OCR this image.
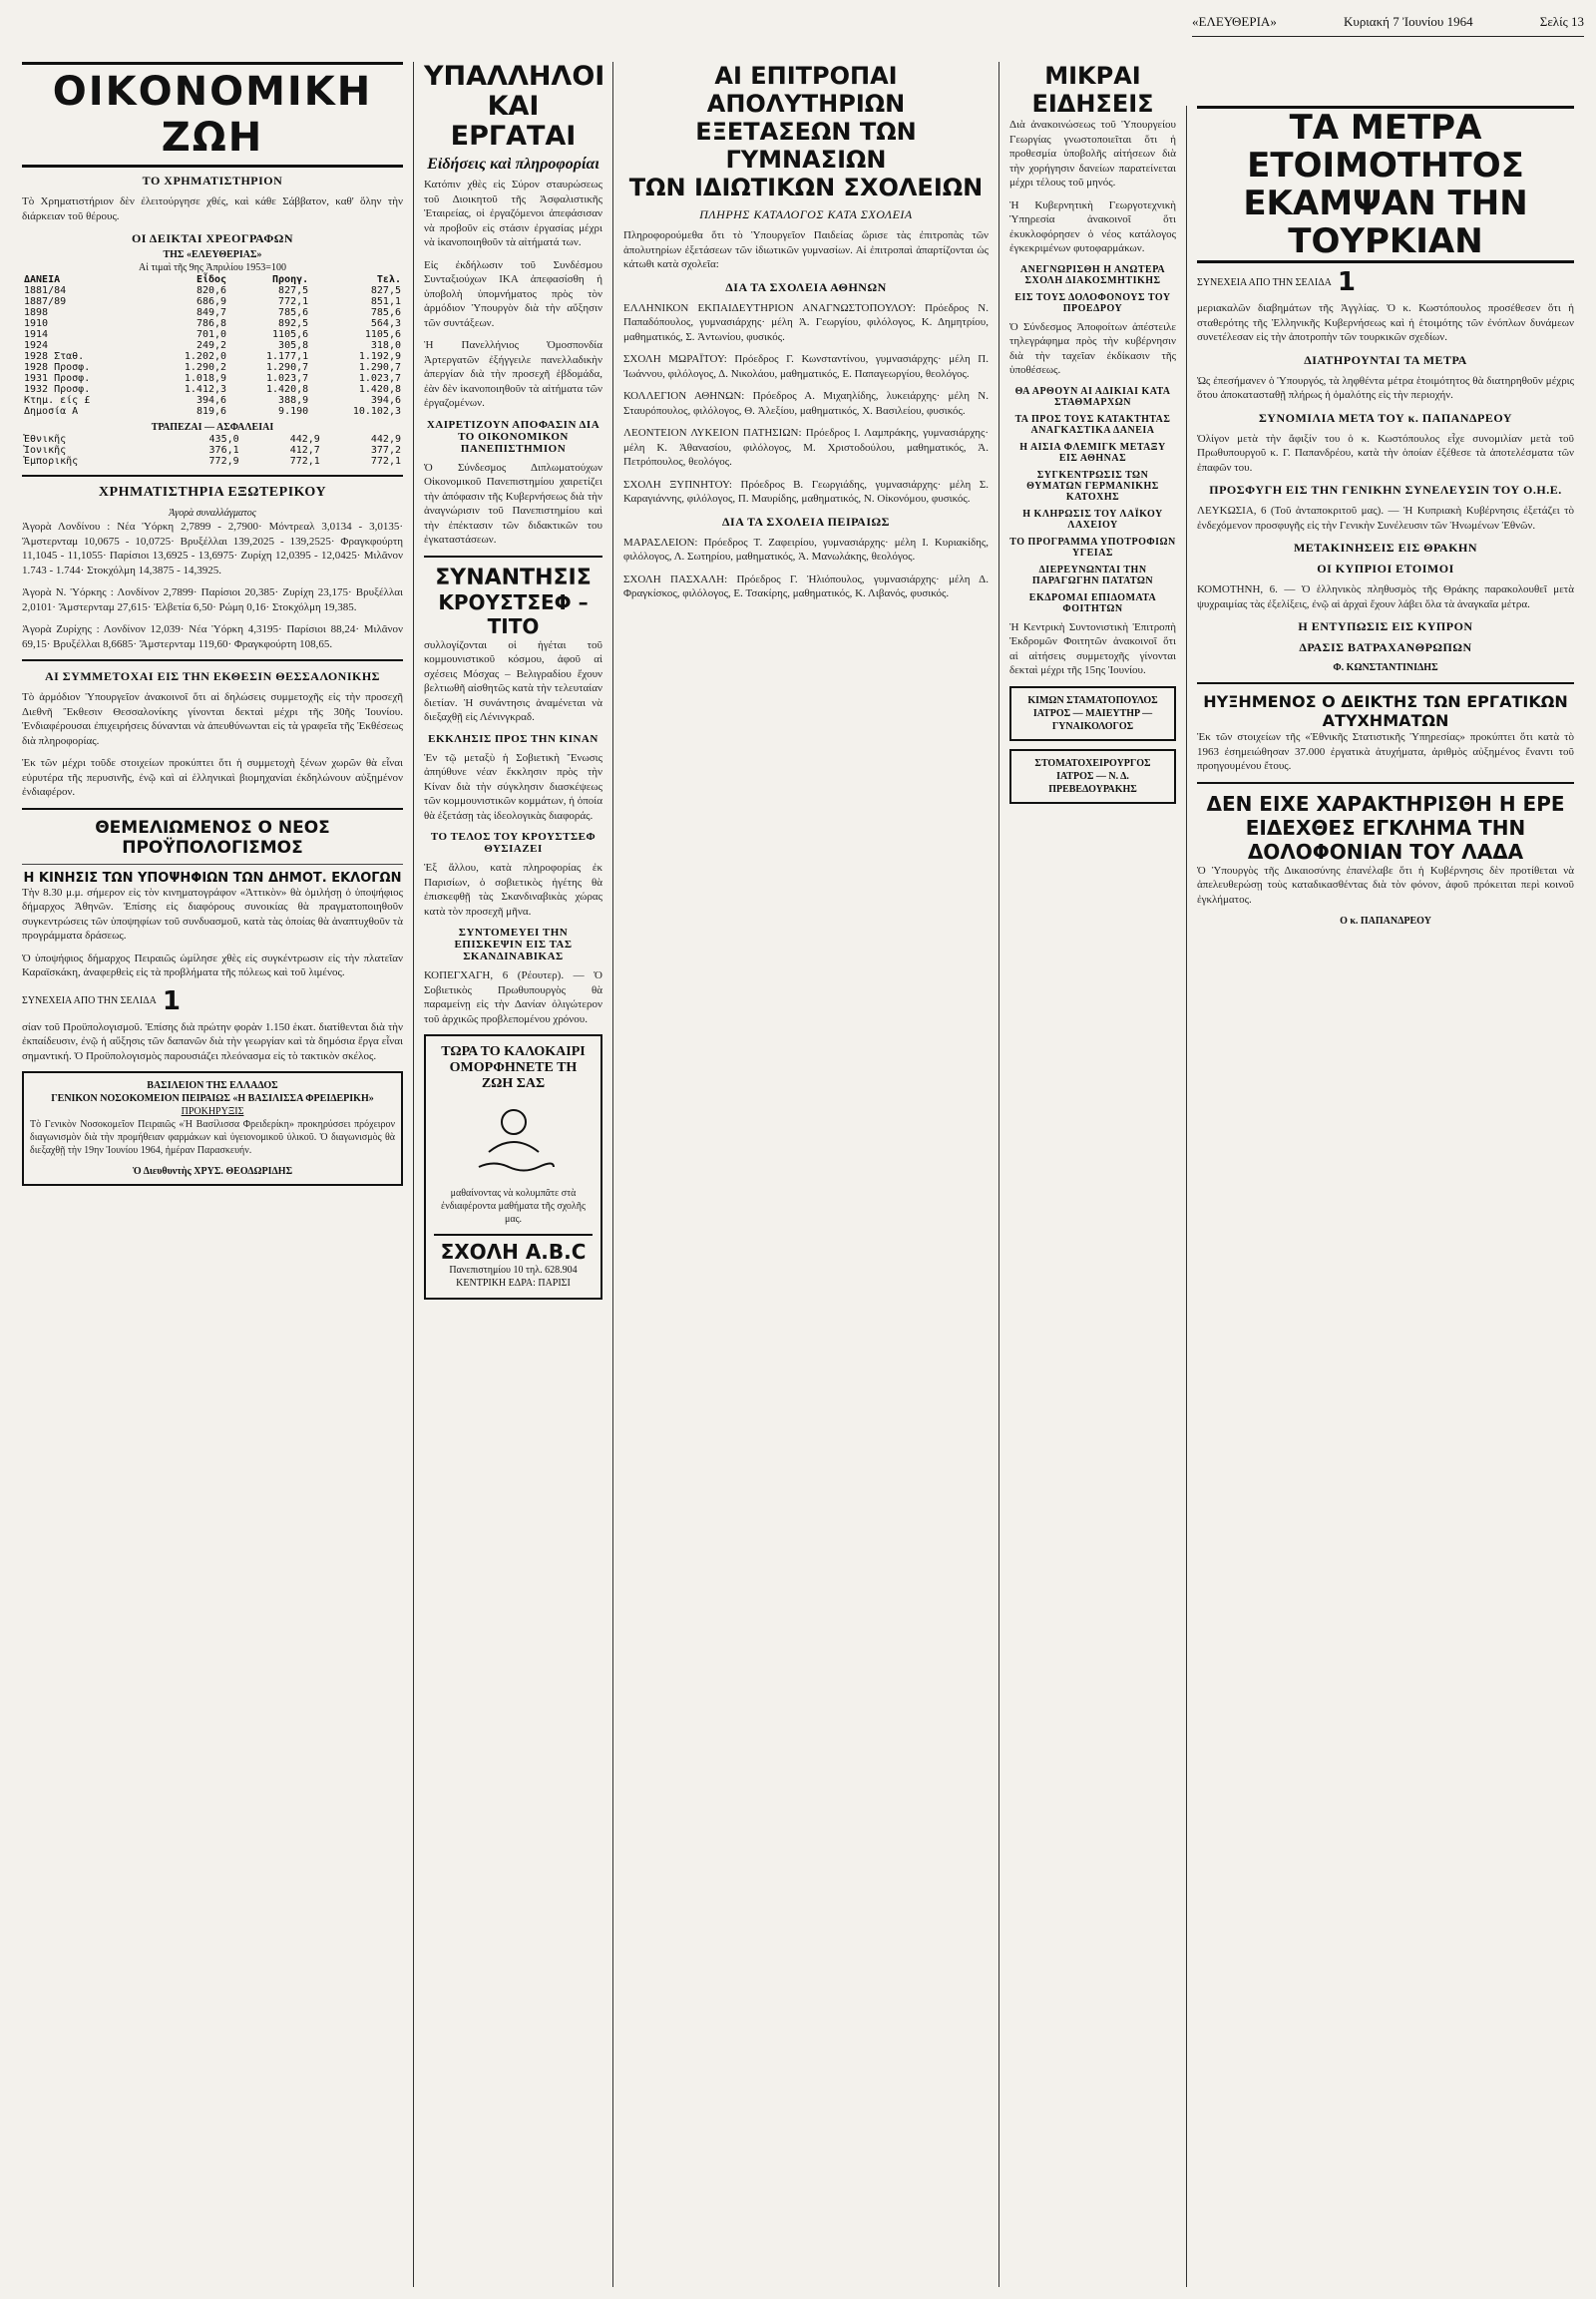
«ΕΛΕΥΘΕΡΙΑ»	Κυριακή 7 Ἰουνίου 1964	Σελίς 13
ΟΙΚΟΝΟΜΙΚΗ ΖΩΗ
ΤΟ ΧΡΗΜΑΤΙΣΤΗΡΙΟΝ

Τὸ Χρηματιστήριον δὲν ἐλειτούργησε χθές, καὶ κάθε Σάββατον, καθ' ὅλην τὴν διάρκειαν τοῦ θέρους.

ΟΙ ΔΕΙΚΤΑΙ ΧΡΕΟΓΡΑΦΩΝ
ΤΗΣ «ΕΛΕΥΘΕΡΙΑΣ»
Αἱ τιμαὶ τῆς 9ης Ἀπριλίου 1953=100
ΔΑΝΕΙΑ	Εἶδος	Προηγ.	Τελ.
1881/84	820,6	827,5	827,5
1887/89	686,9	772,1	851,1
1898	849,7	785,6	785,6
1910	786,8	892,5	564,3
1914	701,0	1105,6	1105,6
1924	249,2	305,8	318,0
1928 Σταθ.	1.202,0	1.177,1	1.192,9
1928 Προσφ.	1.290,2	1.290,7	1.290,7
1931 Προσφ.	1.018,9	1.023,7	1.023,7
1932 Προσφ.	1.412,3	1.420,8	1.420,8
Κτημ. είς £	394,6	388,9	394,6
Δημοσία Α	819,6	9.190	10.102,3
ΤΡΑΠΕΖΑΙ — ΑΣΦΑΛΕΙΑΙ
Ἐθνικῆς	435,0	442,9	442,9
Ἰονικῆς	376,1	412,7	377,2
Ἐμπορικῆς	772,9	772,1	772,1
ΧΡΗΜΑΤΙΣΤΗΡΙΑ ΕΞΩΤΕΡΙΚΟΥ
Ἀγορὰ συναλλάγματος

Ἀγορὰ Λονδίνου : Νέα Ὑόρκη 2,7899 - 2,7900· Μόντρεαλ 3,0134 - 3,0135· Ἄμστερνταμ 10,0675 - 10,0725· Βρυξέλλαι 139,2025 - 139,2525· Φραγκφούρτη 11,1045 - 11,1055· Παρίσιοι 13,6925 - 13,6975· Ζυρίχη 12,0395 - 12,0425· Μιλᾶνον 1.743 - 1.744· Στοκχόλμη 14,3875 - 14,3925.

Ἀγορὰ Ν. Ὑόρκης : Λονδίνον 2,7899· Παρίσιοι 20,385· Ζυρίχη 23,175· Βρυξέλλαι 2,0101· Ἄμστερνταμ 27,615· Ἐλβετία 6,50· Ρώμη 0,16· Στοκχόλμη 19,385.

Ἀγορὰ Ζυρίχης : Λονδίνον 12,039· Νέα Ὑόρκη 4,3195· Παρίσιοι 88,24· Μιλᾶνον 69,15· Βρυξέλλαι 8,6685· Ἄμστερνταμ 119,60· Φραγκφούρτη 108,65.

ΑΙ ΣΥΜΜΕΤΟΧΑΙ ΕΙΣ ΤΗΝ ΕΚΘΕΣΙΝ ΘΕΣΣΑΛΟΝΙΚΗΣ

Τὸ ἀρμόδιον Ὑπουργεῖον ἀνακοινοῖ ὅτι αἱ δηλώσεις συμμετοχῆς εἰς τὴν προσεχῆ Διεθνῆ Ἔκθεσιν Θεσσαλονίκης γίνονται δεκταὶ μέχρι τῆς 30ῆς Ἰουνίου. Ἐνδιαφέρουσαι ἐπιχειρήσεις δύνανται νὰ ἀπευθύνωνται εἰς τὰ γραφεῖα τῆς Ἐκθέσεως διὰ πληροφορίας.

Ἐκ τῶν μέχρι τοῦδε στοιχείων προκύπτει ὅτι ἡ συμμετοχὴ ξένων χωρῶν θὰ εἶναι εὐρυτέρα τῆς περυσινῆς, ἐνῷ καὶ αἱ ἑλληνικαὶ βιομηχανίαι ἐκδηλώνουν αὐξημένον ἐνδιαφέρον.

ΘΕΜΕΛΙΩΜΕΝΟΣ Ο ΝΕΟΣ ΠΡΟΫΠΟΛΟΓΙΣΜΟΣ
Η ΚΙΝΗΣΙΣ ΤΩΝ ΥΠΟΨΗΦΙΩΝ ΤΩΝ ΔΗΜΟΤ. ΕΚΛΟΓΩΝ

Τὴν 8.30 μ.μ. σήμερον εἰς τὸν κινηματογράφον «Ἀττικὸν» θὰ ὁμιλήσῃ ὁ ὑποψήφιος δήμαρχος Ἀθηνῶν. Ἐπίσης εἰς διαφόρους συνοικίας θὰ πραγματοποιηθοῦν συγκεντρώσεις τῶν ὑποψηφίων τοῦ συνδυασμοῦ, κατὰ τὰς ὁποίας θὰ ἀναπτυχθοῦν τὰ προγράμματα δράσεως.

Ὁ ὑποψήφιος δήμαρχος Πειραιῶς ὡμίλησε χθὲς εἰς συγκέντρωσιν εἰς τὴν πλατεῖαν Καραϊσκάκη, ἀναφερθεὶς εἰς τὰ προβλήματα τῆς πόλεως καὶ τοῦ λιμένος.

ΣΥΝΕΧΕΙΑ ΑΠΟ ΤΗΝ ΣΕΛΙΔΑ 1

σίαν τοῦ Προϋπολογισμοῦ. Ἐπίσης διὰ πρώτην φορὰν 1.150 ἑκατ. διατίθενται διὰ τὴν ἐκπαίδευσιν, ἐνῷ ἡ αὔξησις τῶν δαπανῶν διὰ τὴν γεωργίαν καὶ τὰ δημόσια ἔργα εἶναι σημαντική. Ὁ Προϋπολογισμὸς παρουσιάζει πλεόνασμα εἰς τὸ τακτικὸν σκέλος.

ΒΑΣΙΛΕΙΟΝ ΤΗΣ ΕΛΛΑΔΟΣ
ΓΕΝΙΚΟΝ ΝΟΣΟΚΟΜΕΙΟΝ ΠΕΙΡΑΙΩΣ «Η ΒΑΣΙΛΙΣΣΑ ΦΡΕΙΔΕΡΙΚΗ»
ΠΡΟΚΗΡΥΞΙΣ

Τὸ Γενικὸν Νοσοκομεῖον Πειραιῶς «Ἡ Βασίλισσα Φρειδερίκη» προκηρύσσει πρόχειρον διαγωνισμὸν διὰ τὴν προμήθειαν φαρμάκων καὶ ὑγειονομικοῦ ὑλικοῦ. Ὁ διαγωνισμὸς θὰ διεξαχθῇ τὴν 19ην Ἰουνίου 1964, ἡμέραν Παρασκευήν.

Ὁ Διευθυντὴς ΧΡΥΣ. ΘΕΟΔΩΡΙΔΗΣ
ΥΠΑΛΛΗΛΟΙ
ΚΑΙ ΕΡΓΑΤΑΙ
Εἰδήσεις καὶ πληροφορίαι

Κατόπιν χθὲς εἰς Σύρον σταυρώσεως τοῦ Διοικητοῦ τῆς Ἀσφαλιστικῆς Ἑταιρείας, οἱ ἐργαζόμενοι ἀπεφάσισαν νὰ προβοῦν εἰς στάσιν ἐργασίας μέχρι νὰ ἱκανοποιηθοῦν τὰ αἰτήματά των.

Εἰς ἐκδήλωσιν τοῦ Συνδέσμου Συνταξιούχων ΙΚΑ ἀπεφασίσθη ἡ ὑποβολὴ ὑπομνήματος πρὸς τὸν ἁρμόδιον Ὑπουργὸν διὰ τὴν αὔξησιν τῶν συντάξεων.

Ἡ Πανελλήνιος Ὁμοσπονδία Ἀρτεργατῶν ἐξήγγειλε πανελλαδικὴν ἀπεργίαν διὰ τὴν προσεχῆ ἑβδομάδα, ἐὰν δὲν ἱκανοποιηθοῦν τὰ αἰτήματα τῶν ἐργαζομένων.

ΧΑΙΡΕΤΙΖΟΥΝ ΑΠΟΦΑΣΙΝ ΔΙΑ ΤΟ ΟΙΚΟΝΟΜΙΚΟΝ ΠΑΝΕΠΙΣΤΗΜΙΟΝ

Ὁ Σύνδεσμος Διπλωματούχων Οἰκονομικοῦ Πανεπιστημίου χαιρετίζει τὴν ἀπόφασιν τῆς Κυβερνήσεως διὰ τὴν ἀναγνώρισιν τοῦ Πανεπιστημίου καὶ τὴν ἐπέκτασιν τῶν διδακτικῶν του ἐγκαταστάσεων.

ΣΥΝΑΝΤΗΣΙΣ
ΚΡΟΥΣΤΣΕΦ – ΤΙΤΟ

συλλογίζονται οἱ ἡγέται τοῦ κομμουνιστικοῦ κόσμου, ἀφοῦ αἱ σχέσεις Μόσχας – Βελιγραδίου ἔχουν βελτιωθῆ αἰσθητῶς κατὰ τὴν τελευταίαν διετίαν. Ἡ συνάντησις ἀναμένεται νὰ διεξαχθῇ εἰς Λένινγκραδ.

ΕΚΚΛΗΣΙΣ ΠΡΟΣ ΤΗΝ ΚΙΝΑΝ

Ἐν τῷ μεταξὺ ἡ Σοβιετικὴ Ἕνωσις ἀπηύθυνε νέαν ἔκκλησιν πρὸς τὴν Κίναν διὰ τὴν σύγκλησιν διασκέψεως τῶν κομμουνιστικῶν κομμάτων, ἡ ὁποία θὰ ἐξετάσῃ τὰς ἰδεολογικὰς διαφοράς.

ΤΟ ΤΕΛΟΣ ΤΟΥ ΚΡΟΥΣΤΣΕΦ ΘΥΣΙΑΖΕΙ

Ἐξ ἄλλου, κατὰ πληροφορίας ἐκ Παρισίων, ὁ σοβιετικὸς ἡγέτης θὰ ἐπισκεφθῇ τὰς Σκανδιναβικὰς χώρας κατὰ τὸν προσεχῆ μῆνα.

ΣΥΝΤΟΜΕΥΕΙ ΤΗΝ ΕΠΙΣΚΕΨΙΝ ΕΙΣ ΤΑΣ ΣΚΑΝΔΙΝΑΒΙΚΑΣ

ΚΟΠΕΓΧΑΓΗ, 6 (Ρέουτερ). — Ὁ Σοβιετικὸς Πρωθυπουργὸς θὰ παραμείνῃ εἰς τὴν Δανίαν ὀλιγώτερον τοῦ ἀρχικῶς προβλεπομένου χρόνου.

ΤΩΡΑ ΤΟ ΚΑΛΟΚΑΙΡΙ ΟΜΟΡΦΗΝΕΤΕ ΤΗ ΖΩΗ ΣΑΣ

μαθαίνοντας νὰ κολυμπᾶτε στὰ ἐνδιαφέροντα μαθήματα τῆς σχολῆς μας.

ΣΧΟΛΗ Α.Β.C
Πανεπιστημίου 10 τηλ. 628.904 ΚΕΝΤΡΙΚΗ ΕΔΡΑ: ΠΑΡΙΣΙ
ΑΙ ΕΠΙΤΡΟΠΑΙ ΑΠΟΛΥΤΗΡΙΩΝ
ΕΞΕΤΑΣΕΩΝ ΤΩΝ ΓΥΜΝΑΣΙΩΝ
ΤΩΝ ΙΔΙΩΤΙΚΩΝ ΣΧΟΛΕΙΩΝ
ΠΛΗΡΗΣ ΚΑΤΑΛΟΓΟΣ ΚΑΤΑ ΣΧΟΛΕΙΑ

Πληροφορούμεθα ὅτι τὸ Ὑπουργεῖον Παιδείας ὥρισε τὰς ἐπιτροπὰς τῶν ἀπολυτηρίων ἐξετάσεων τῶν ἰδιωτικῶν γυμνασίων. Αἱ ἐπιτροπαὶ ἀπαρτίζονται ὡς κάτωθι κατὰ σχολεῖα:

ΔΙΑ ΤΑ ΣΧΟΛΕΙΑ ΑΘΗΝΩΝ

ΕΛΛΗΝΙΚΟΝ ΕΚΠΑΙΔΕΥΤΗΡΙΟΝ ΑΝΑΓΝΩΣΤΟΠΟΥΛΟΥ: Πρόεδρος Ν. Παπαδόπουλος, γυμνασιάρχης· μέλη Ἀ. Γεωργίου, φιλόλογος, Κ. Δημητρίου, μαθηματικός, Σ. Ἀντωνίου, φυσικός.

ΣΧΟΛΗ ΜΩΡΑΪΤΟΥ: Πρόεδρος Γ. Κωνσταντίνου, γυμνασιάρχης· μέλη Π. Ἰωάννου, φιλόλογος, Δ. Νικολάου, μαθηματικός, Ε. Παπαγεωργίου, θεολόγος.

ΚΟΛΛΕΓΙΟΝ ΑΘΗΝΩΝ: Πρόεδρος Α. Μιχαηλίδης, λυκειάρχης· μέλη Ν. Σταυρόπουλος, φιλόλογος, Θ. Ἀλεξίου, μαθηματικός, Χ. Βασιλείου, φυσικός.

ΛΕΟΝΤΕΙΟΝ ΛΥΚΕΙΟΝ ΠΑΤΗΣΙΩΝ: Πρόεδρος Ι. Λαμπράκης, γυμνασιάρχης· μέλη Κ. Ἀθανασίου, φιλόλογος, Μ. Χριστοδούλου, μαθηματικός, Ἀ. Πετρόπουλος, θεολόγος.

ΣΧΟΛΗ ΞΥΠΝΗΤΟΥ: Πρόεδρος Β. Γεωργιάδης, γυμνασιάρχης· μέλη Σ. Καραγιάννης, φιλόλογος, Π. Μαυρίδης, μαθηματικός, Ν. Οἰκονόμου, φυσικός.

ΔΙΑ ΤΑ ΣΧΟΛΕΙΑ ΠΕΙΡΑΙΩΣ

ΜΑΡΑΣΛΕΙΟΝ: Πρόεδρος Τ. Ζαφειρίου, γυμνασιάρχης· μέλη Ι. Κυριακίδης, φιλόλογος, Λ. Σωτηρίου, μαθηματικός, Ἀ. Μανωλάκης, θεολόγος.

ΣΧΟΛΗ ΠΑΣΧΑΛΗ: Πρόεδρος Γ. Ἠλιόπουλος, γυμνασιάρχης· μέλη Δ. Φραγκίσκος, φιλόλογος, Ε. Τσακίρης, μαθηματικός, Κ. Λιβανός, φυσικός.

ΜΙΚΡΑΙ ΕΙΔΗΣΕΙΣ

Διὰ ἀνακοινώσεως τοῦ Ὑπουργείου Γεωργίας γνωστοποιεῖται ὅτι ἡ προθεσμία ὑποβολῆς αἰτήσεων διὰ τὴν χορήγησιν δανείων παρατείνεται μέχρι τέλους τοῦ μηνός.

Ἡ Κυβερνητικὴ Γεωργοτεχνικὴ Ὑπηρεσία ἀνακοινοῖ ὅτι ἐκυκλοφόρησεν ὁ νέος κατάλογος ἐγκεκριμένων φυτοφαρμάκων.

ΑΝΕΓΝΩΡΙΣΘΗ Η ΑΝΩΤΕΡΑ ΣΧΟΛΗ ΔΙΑΚΟΣΜΗΤΙΚΗΣ
ΕΙΣ ΤΟΥΣ ΔΟΛΟΦΟΝΟΥΣ ΤΟΥ ΠΡΟΕΔΡΟΥ

Ὁ Σύνδεσμος Ἀποφοίτων ἀπέστειλε τηλεγράφημα πρὸς τὴν κυβέρνησιν διὰ τὴν ταχεῖαν ἐκδίκασιν τῆς ὑποθέσεως.

ΘΑ ΑΡΘΟΥΝ ΑΙ ΑΔΙΚΙΑΙ ΚΑΤΑ ΣΤΑΘΜΑΡΧΩΝ
ΤΑ ΠΡΟΣ ΤΟΥΣ ΚΑΤΑΚΤΗΤΑΣ ΑΝΑΓΚΑΣΤΙΚΑ ΔΑΝΕΙΑ
Η ΑΙΣΙΑ ΦΛΕΜΙΓΚ ΜΕΤΑΞΥ ΕΙΣ ΑΘΗΝΑΣ
ΣΥΓΚΕΝΤΡΩΣΙΣ ΤΩΝ ΘΥΜΑΤΩΝ ΓΕΡΜΑΝΙΚΗΣ ΚΑΤΟΧΗΣ
Η ΚΛΗΡΩΣΙΣ ΤΟΥ ΛΑΪΚΟΥ ΛΑΧΕΙΟΥ
ΤΟ ΠΡΟΓΡΑΜΜΑ ΥΠΟΤΡΟΦΙΩΝ ΥΓΕΙΑΣ
ΔΙΕΡΕΥΝΩΝΤΑΙ ΤΗΝ ΠΑΡΑΓΩΓΗΝ ΠΑΤΑΤΩΝ
ΕΚΔΡΟΜΑΙ ΕΠΙΔΟΜΑΤΑ ΦΟΙΤΗΤΩΝ

Ἡ Κεντρικὴ Συντονιστικὴ Ἐπιτροπὴ Ἐκδρομῶν Φοιτητῶν ἀνακοινοῖ ὅτι αἱ αἰτήσεις συμμετοχῆς γίνονται δεκταὶ μέχρι τῆς 15ης Ἰουνίου.

ΚΙΜΩΝ ΣΤΑΜΑΤΟΠΟΥΛΟΣ ΙΑΤΡΟΣ — ΜΑΙΕΥΤΗΡ — ΓΥΝΑΙΚΟΛΟΓΟΣ
ΣΤΟΜΑΤΟΧΕΙΡΟΥΡΓΟΣ ΙΑΤΡΟΣ — Ν. Δ. ΠΡΕΒΕΔΟΥΡΑΚΗΣ
ΤΑ ΜΕΤΡΑ ΕΤΟΙΜΟΤΗΤΟΣ
ΕΚΑΜΨΑΝ ΤΗΝ ΤΟΥΡΚΙΑΝ
ΣΥΝΕΧΕΙΑ ΑΠΟ ΤΗΝ ΣΕΛΙΔΑ 1

μεριακαλῶν διαβημάτων τῆς Ἀγγλίας. Ὁ κ. Κωστόπουλος προσέθεσεν ὅτι ἡ σταθερότης τῆς Ἑλληνικῆς Κυβερνήσεως καὶ ἡ ἑτοιμότης τῶν ἐνόπλων δυνάμεων συνετέλεσαν εἰς τὴν ἀποτροπὴν τῶν τουρκικῶν σχεδίων.

ΔΙΑΤΗΡΟΥΝΤΑΙ ΤΑ ΜΕΤΡΑ

Ὡς ἐπεσήμανεν ὁ Ὑπουργός, τὰ ληφθέντα μέτρα ἑτοιμότητος θὰ διατηρηθοῦν μέχρις ὅτου ἀποκατασταθῇ πλήρως ἡ ὁμαλότης εἰς τὴν περιοχήν.

ΣΥΝΟΜΙΛΙΑ ΜΕΤΑ ΤΟΥ κ. ΠΑΠΑΝΔΡΕΟΥ

Ὀλίγον μετὰ τὴν ἄφιξίν του ὁ κ. Κωστόπουλος εἶχε συνομιλίαν μετὰ τοῦ Πρωθυπουργοῦ κ. Γ. Παπανδρέου, κατὰ τὴν ὁποίαν ἐξέθεσε τὰ ἀποτελέσματα τῶν ἐπαφῶν του.

ΠΡΟΣΦΥΓΗ ΕΙΣ ΤΗΝ ΓΕΝΙΚΗΝ ΣΥΝΕΛΕΥΣΙΝ ΤΟΥ Ο.Η.Ε.

ΛΕΥΚΩΣΙΑ, 6 (Τοῦ ἀνταποκριτοῦ μας). — Ἡ Κυπριακὴ Κυβέρνησις ἐξετάζει τὸ ἐνδεχόμενον προσφυγῆς εἰς τὴν Γενικὴν Συνέλευσιν τῶν Ἡνωμένων Ἐθνῶν.

ΜΕΤΑΚΙΝΗΣΕΙΣ ΕΙΣ ΘΡΑΚΗΝ
ΟΙ ΚΥΠΡΙΟΙ ΕΤΟΙΜΟΙ

ΚΟΜΟΤΗΝΗ, 6. — Ὁ ἑλληνικὸς πληθυσμὸς τῆς Θράκης παρακολουθεῖ μετὰ ψυχραιμίας τὰς ἐξελίξεις, ἐνῷ αἱ ἀρχαὶ ἔχουν λάβει ὅλα τὰ ἀναγκαῖα μέτρα.

Η ΕΝΤΥΠΩΣΙΣ ΕΙΣ ΚΥΠΡΟΝ
ΔΡΑΣΙΣ ΒΑΤΡΑΧΑΝΘΡΩΠΩΝ
Φ. ΚΩΝΣΤΑΝΤΙΝΙΔΗΣ
ΗΥΞΗΜΕΝΟΣ Ο ΔΕΙΚΤΗΣ ΤΩΝ ΕΡΓΑΤΙΚΩΝ ΑΤΥΧΗΜΑΤΩΝ

Ἐκ τῶν στοιχείων τῆς «Ἐθνικῆς Στατιστικῆς Ὑπηρεσίας» προκύπτει ὅτι κατὰ τὸ 1963 ἐσημειώθησαν 37.000 ἐργατικὰ ἀτυχήματα, ἀριθμὸς αὐξημένος ἔναντι τοῦ προηγουμένου ἔτους.

ΔΕΝ ΕΙΧΕ ΧΑΡΑΚΤΗΡΙΣΘΗ Η ΕΡΕ ΕΙΔΕΧΘΕΣ ΕΓΚΛΗΜΑ ΤΗΝ ΔΟΛΟΦΟΝΙΑΝ ΤΟΥ ΛΑΔΑ

Ὁ Ὑπουργὸς τῆς Δικαιοσύνης ἐπανέλαβε ὅτι ἡ Κυβέρνησις δὲν προτίθεται νὰ ἀπελευθερώσῃ τοὺς καταδικασθέντας διὰ τὸν φόνον, ἀφοῦ πρόκειται περὶ κοινοῦ ἐγκλήματος.

Ο κ. ΠΑΠΑΝΔΡΕΟΥ
